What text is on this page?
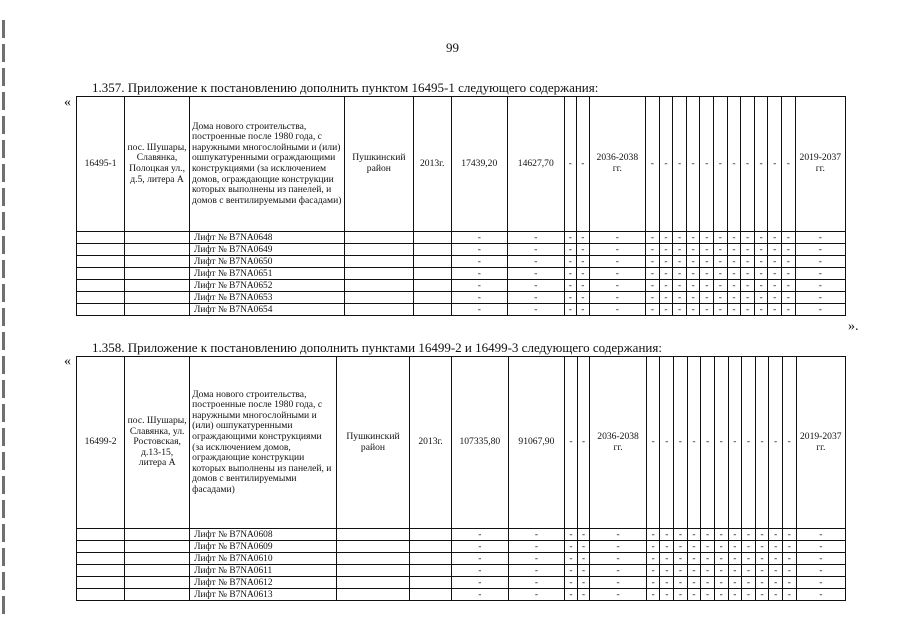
99
1.357. Приложение к постановлению дополнить пунктом 16495-1 следующего содержания:
«
16495-1	пос. Шушары, Славянка, Полоцкая ул., д.5, литера А	Дома нового строительства, построенные после 1980 года, с наружными многослойными и (или) ошпукатуренными ограждающими конструкциями (за исключением домов, ограждающие конструкции которых выполнены из панелей, и домов с вентилируемыми фасадами)	Пушкинский район	2013г.	17439,20	14627,70	-	-	2036-2038 гг.	-	-	-	-	-	-	-	-	-	-	-	2019-2037 гг.
		Лифт № В7NA0648			-	-	-	-	-	-	-	-	-	-	-	-	-	-	-	-	-
		Лифт № В7NA0649			-	-	-	-	-	-	-	-	-	-	-	-	-	-	-	-	-
		Лифт № В7NA0650			-	-	-	-	-	-	-	-	-	-	-	-	-	-	-	-	-
		Лифт № В7NA0651			-	-	-	-	-	-	-	-	-	-	-	-	-	-	-	-	-
		Лифт № В7NA0652			-	-	-	-	-	-	-	-	-	-	-	-	-	-	-	-	-
		Лифт № В7NA0653			-	-	-	-	-	-	-	-	-	-	-	-	-	-	-	-	-
		Лифт № В7NA0654			-	-	-	-	-	-	-	-	-	-	-	-	-	-	-	-	-
».
1.358. Приложение к постановлению дополнить пунктами 16499-2 и 16499-3 следующего содержания:
«
16499-2	пос. Шушары, Славянка, ул. Ростовская, д.13-15, литера А	Дома нового строительства, построенные после 1980 года, с наружными многослойными и (или) ошпукатуренными ограждающими конструкциями (за исключением домов, ограждающие конструкции которых выполнены из панелей, и домов с вентилируемыми фасадами)	Пушкинский район	2013г.	107335,80	91067,90	-	-	2036-2038 гг.	-	-	-	-	-	-	-	-	-	-	-	2019-2037 гг.
		Лифт № В7NA0608			-	-	-	-	-	-	-	-	-	-	-	-	-	-	-	-	-
		Лифт № В7NA0609			-	-	-	-	-	-	-	-	-	-	-	-	-	-	-	-	-
		Лифт № В7NA0610			-	-	-	-	-	-	-	-	-	-	-	-	-	-	-	-	-
		Лифт № В7NA0611			-	-	-	-	-	-	-	-	-	-	-	-	-	-	-	-	-
		Лифт № В7NA0612			-	-	-	-	-	-	-	-	-	-	-	-	-	-	-	-	-
		Лифт № В7NA0613			-	-	-	-	-	-	-	-	-	-	-	-	-	-	-	-	-
